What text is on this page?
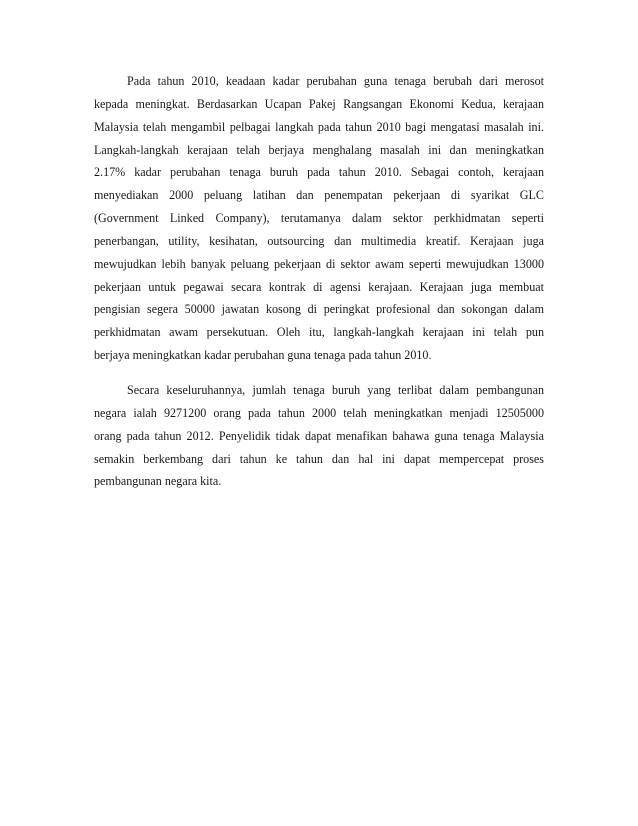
Pada tahun 2010, keadaan kadar perubahan guna tenaga berubah dari merosot
kepada meningkat. Berdasarkan Ucapan Pakej Rangsangan Ekonomi Kedua, kerajaan
Malaysia telah mengambil pelbagai langkah pada tahun 2010 bagi mengatasi masalah ini.
Langkah-langkah kerajaan telah berjaya menghalang masalah ini dan meningkatkan
2.17% kadar perubahan tenaga buruh pada tahun 2010. Sebagai contoh, kerajaan
menyediakan 2000 peluang latihan dan penempatan pekerjaan di syarikat GLC
(Government Linked Company), terutamanya dalam sektor perkhidmatan seperti
penerbangan, utility, kesihatan, outsourcing dan multimedia kreatif. Kerajaan juga
mewujudkan lebih banyak peluang pekerjaan di sektor awam seperti mewujudkan 13000
pekerjaan untuk pegawai secara kontrak di agensi kerajaan. Kerajaan juga membuat
pengisian segera 50000 jawatan kosong di peringkat profesional dan sokongan dalam
perkhidmatan awam persekutuan. Oleh itu, langkah-langkah kerajaan ini telah pun
berjaya meningkatkan kadar perubahan guna tenaga pada tahun 2010.

Secara keseluruhannya, jumlah tenaga buruh yang terlibat dalam pembangunan
negara ialah 9271200 orang pada tahun 2000 telah meningkatkan menjadi 12505000
orang pada tahun 2012. Penyelidik tidak dapat menafikan bahawa guna tenaga Malaysia
semakin berkembang dari tahun ke tahun dan hal ini dapat mempercepat proses
pembangunan negara kita.
